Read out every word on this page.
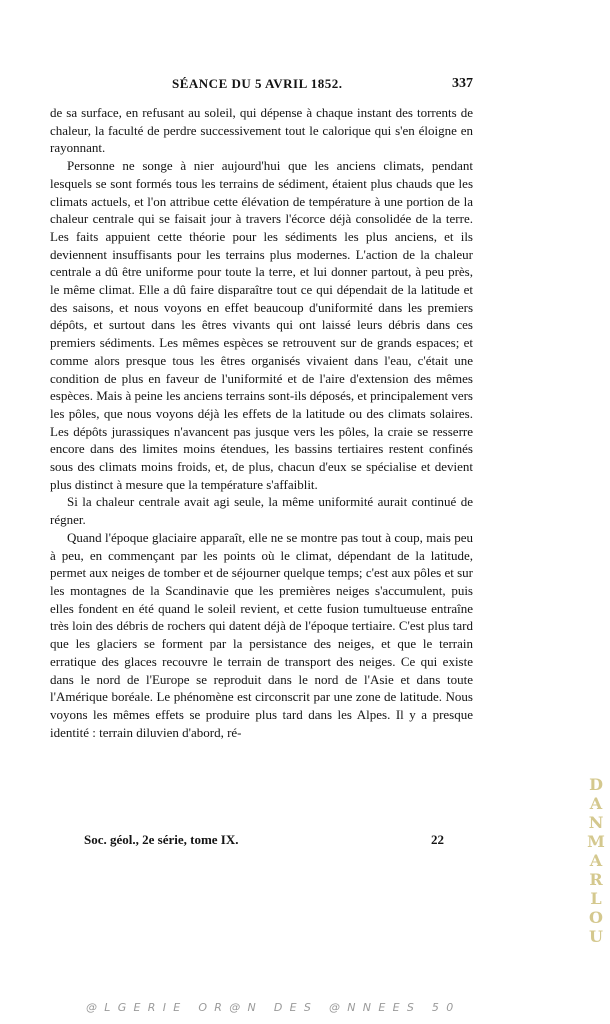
SÉANCE DU 5 AVRIL 1852.	337

de sa surface, en refusant au soleil, qui dépense à chaque instant des torrents de chaleur, la faculté de perdre successivement tout le calorique qui s'en éloigne en rayonnant.

Personne ne songe à nier aujourd'hui que les anciens climats, pendant lesquels se sont formés tous les terrains de sédiment, étaient plus chauds que les climats actuels, et l'on attribue cette élévation de température à une portion de la chaleur centrale qui se faisait jour à travers l'écorce déjà consolidée de la terre. Les faits appuient cette théorie pour les sédiments les plus anciens, et ils deviennent insuffisants pour les terrains plus modernes. L'action de la chaleur centrale a dû être uniforme pour toute la terre, et lui donner partout, à peu près, le même climat. Elle a dû faire disparaître tout ce qui dépendait de la latitude et des saisons, et nous voyons en effet beaucoup d'uniformité dans les premiers dépôts, et surtout dans les êtres vivants qui ont laissé leurs débris dans ces premiers sédiments. Les mêmes espèces se retrouvent sur de grands espaces; et comme alors presque tous les êtres organisés vivaient dans l'eau, c'était une condition de plus en faveur de l'uniformité et de l'aire d'extension des mêmes espèces. Mais à peine les anciens terrains sont-ils déposés, et principalement vers les pôles, que nous voyons déjà les effets de la latitude ou des climats solaires. Les dépôts jurassiques n'avancent pas jusque vers les pôles, la craie se resserre encore dans des limites moins étendues, les bassins tertiaires restent confinés sous des climats moins froids, et, de plus, chacun d'eux se spécialise et devient plus distinct à mesure que la température s'affaiblit.

Si la chaleur centrale avait agi seule, la même uniformité aurait continué de régner.

Quand l'époque glaciaire apparaît, elle ne se montre pas tout à coup, mais peu à peu, en commençant par les points où le climat, dépendant de la latitude, permet aux neiges de tomber et de séjourner quelque temps; c'est aux pôles et sur les montagnes de la Scandinavie que les premières neiges s'accumulent, puis elles fondent en été quand le soleil revient, et cette fusion tumultueuse entraîne très loin des débris de rochers qui datent déjà de l'époque tertiaire. C'est plus tard que les glaciers se forment par la persistance des neiges, et que le terrain erratique des glaces recouvre le terrain de transport des neiges. Ce qui existe dans le nord de l'Europe se reproduit dans le nord de l'Asie et dans toute l'Amérique boréale. Le phénomène est circonscrit par une zone de latitude. Nous voyons les mêmes effets se produire plus tard dans les Alpes. Il y a presque identité : terrain diluvien d'abord, ré-

Soc. géol., 2e série, tome IX.	22
D
A
N
M
A
R
L
O
U
@LGERIE OR@N DES @NNEES 50
